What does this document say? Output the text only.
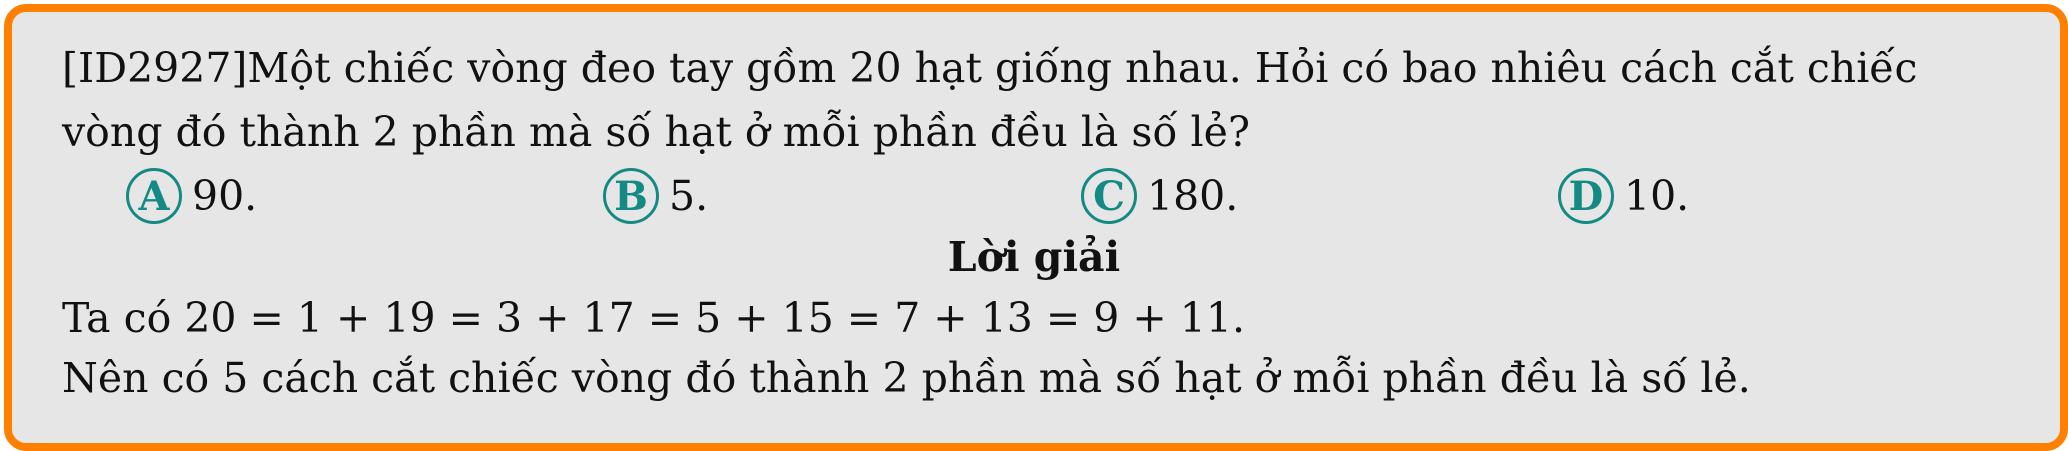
[ID2927]Một chiếc vòng đeo tay gồm 20 hạt giống nhau. Hỏi có bao nhiêu cách cắt chiếc
vòng đó thành 2 phần mà số hạt ở mỗi phần đều là số lẻ?
A 90.	B 5.	C 180.	D 10.
Lời giải
Ta có 20 = 1 + 19 = 3 + 17 = 5 + 15 = 7 + 13 = 9 + 11.
Nên có 5 cách cắt chiếc vòng đó thành 2 phần mà số hạt ở mỗi phần đều là số lẻ.
